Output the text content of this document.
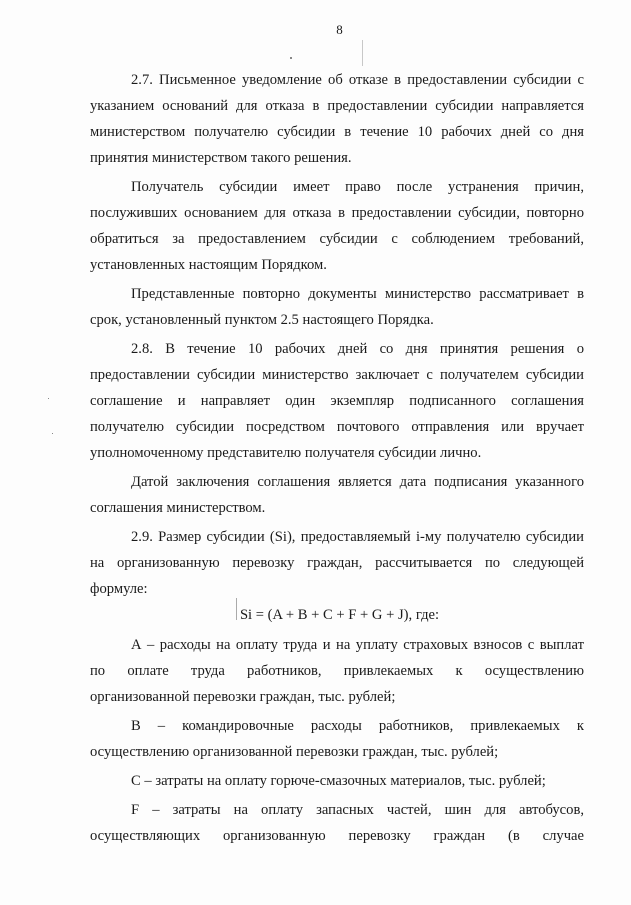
8
2.7. Письменное уведомление об отказе в предоставлении субсидии с
указанием оснований для отказа в предоставлении субсидии направляется
министерством получателю субсидии в течение 10 рабочих дней со дня
принятия министерством такого решения.
Получатель субсидии имеет право после устранения причин,
послуживших основанием для отказа в предоставлении субсидии, повторно
обратиться за предоставлением субсидии с соблюдением требований,
установленных настоящим Порядком.
Представленные повторно документы министерство рассматривает в
срок, установленный пунктом 2.5 настоящего Порядка.
2.8. В течение 10 рабочих дней со дня принятия решения о
предоставлении субсидии министерство заключает с получателем субсидии
соглашение и направляет один экземпляр подписанного соглашения
получателю субсидии посредством почтового отправления или вручает
уполномоченному представителю получателя субсидии лично.
Датой заключения соглашения является дата подписания указанного
соглашения министерством.
2.9. Размер субсидии (Si), предоставляемый i-му получателю субсидии
на организованную перевозку граждан, рассчитывается по следующей
формуле:
Si = (A + B + C + F + G + J), где:
А – расходы на оплату труда и на уплату страховых взносов с выплат
по оплате труда работников, привлекаемых к осуществлению
организованной перевозки граждан, тыс. рублей;
В – командировочные расходы работников, привлекаемых к
осуществлению организованной перевозки граждан, тыс. рублей;
С – затраты на оплату горюче-смазочных материалов, тыс. рублей;
F – затраты на оплату запасных частей, шин для автобусов,
осуществляющих организованную перевозку граждан (в случае
